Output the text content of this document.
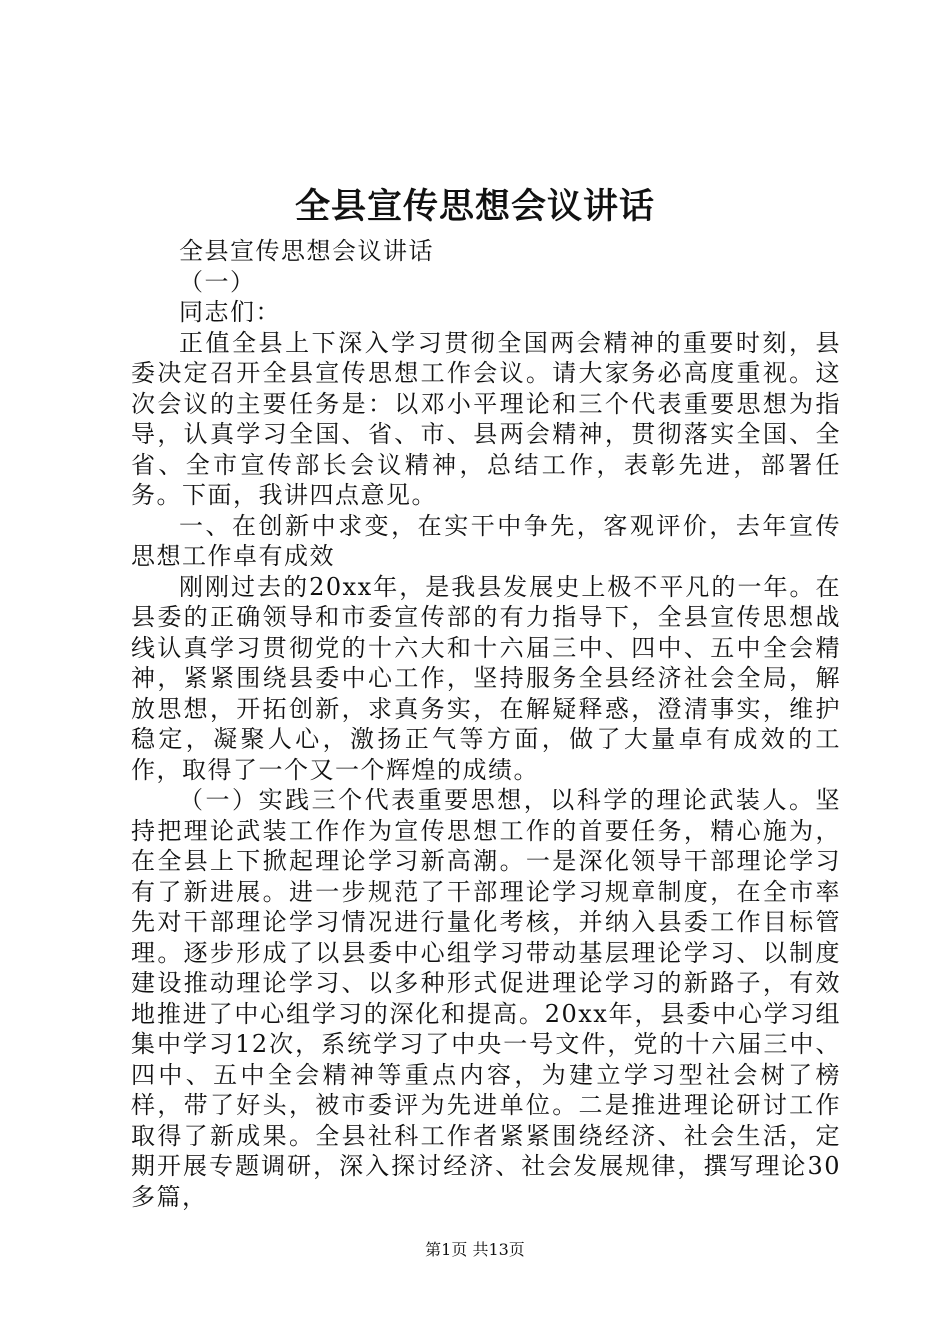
全县宣传思想会议讲话

全县宣传思想会议讲话

（一）

同志们：

正值全县上下深入学习贯彻全国两会精神的重要时刻，县委决定召开全县宣传思想工作会议。请大家务必高度重视。这次会议的主要任务是：以邓小平理论和三个代表重要思想为指导，认真学习全国、省、市、县两会精神，贯彻落实全国、全省、全市宣传部长会议精神，总结工作，表彰先进，部署任务。下面，我讲四点意见。

一、在创新中求变，在实干中争先，客观评价，去年宣传思想工作卓有成效

刚刚过去的20xx年，是我县发展史上极不平凡的一年。在县委的正确领导和市委宣传部的有力指导下，全县宣传思想战线认真学习贯彻党的十六大和十六届三中、四中、五中全会精神，紧紧围绕县委中心工作，坚持服务全县经济社会全局，解放思想，开拓创新，求真务实，在解疑释惑，澄清事实，维护稳定，凝聚人心，激扬正气等方面，做了大量卓有成效的工作，取得了一个又一个辉煌的成绩。

（一）实践三个代表重要思想，以科学的理论武装人。坚持把理论武装工作作为宣传思想工作的首要任务，精心施为，在全县上下掀起理论学习新高潮。一是深化领导干部理论学习有了新进展。进一步规范了干部理论学习规章制度，在全市率先对干部理论学习情况进行量化考核，并纳入县委工作目标管理。逐步形成了以县委中心组学习带动基层理论学习、以制度建设推动理论学习、以多种形式促进理论学习的新路子，有效地推进了中心组学习的深化和提高。20xx年，县委中心学习组集中学习12次，系统学习了中央一号文件，党的十六届三中、四中、五中全会精神等重点内容，为建立学习型社会树了榜样，带了好头，被市委评为先进单位。二是推进理论研讨工作取得了新成果。全县社科工作者紧紧围绕经济、社会生活，定期开展专题调研，深入探讨经济、社会发展规律，撰写理论30多篇，

第1页 共13页
